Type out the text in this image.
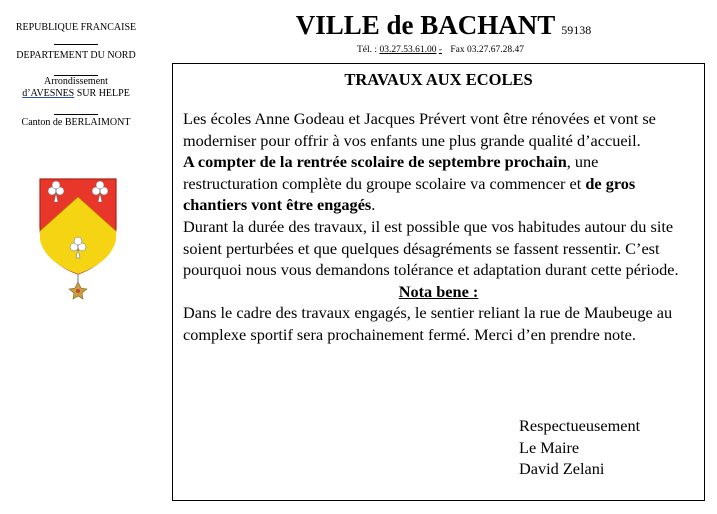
REPUBLIQUE FRANCAISE
DEPARTEMENT DU NORD
Arrondissement
d’AVESNES SUR HELPE
Canton de BERLAIMONT
VILLE de BACHANT 59138
Tél. : 03.27.53.61.00 - Fax 03.27.67.28.47
TRAVAUX AUX ECOLES

Les écoles Anne Godeau et Jacques Prévert vont être rénovées et vont se moderniser pour offrir à vos enfants une plus grande qualité d’accueil.

A compter de la rentrée scolaire de septembre prochain, une restructuration complète du groupe scolaire va commencer et de gros chantiers vont être engagés.

Durant la durée des travaux, il est possible que vos habitudes autour du site soient perturbées et que quelques désagréments se fassent ressentir. C’est pourquoi nous vous demandons tolérance et adaptation durant cette période.

Nota bene :

Dans le cadre des travaux engagés, le sentier reliant la rue de Maubeuge au complexe sportif sera prochainement fermé. Merci d’en prendre note.

Respectueusement
Le Maire
David Zelani
